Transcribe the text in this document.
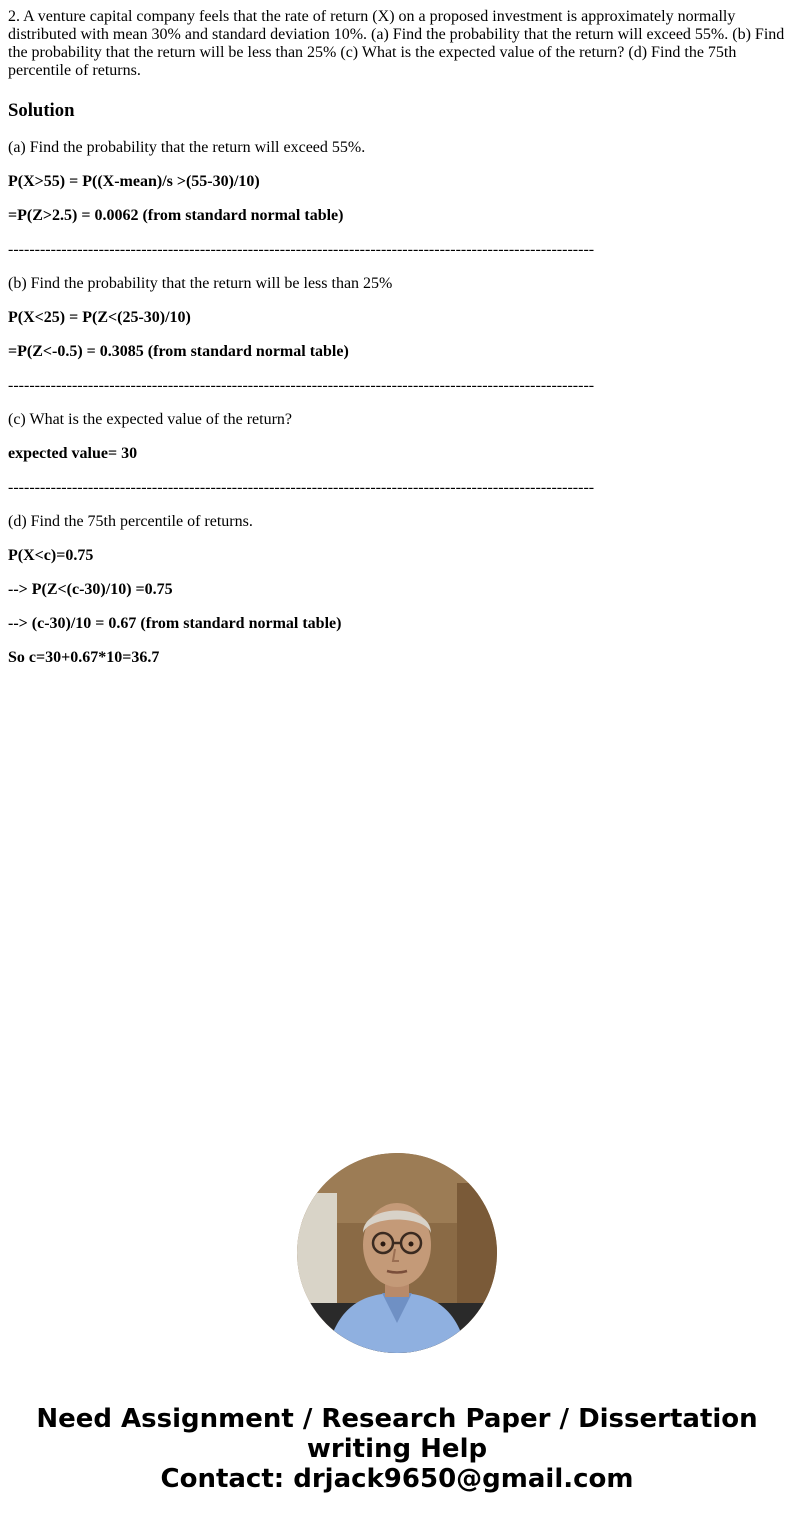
2. A venture capital company feels that the rate of return (X) on a proposed investment is approximately normally distributed with mean 30% and standard deviation 10%. (a) Find the probability that the return will exceed 55%. (b) Find the probability that the return will be less than 25% (c) What is the expected value of the return? (d) Find the 75th percentile of returns.

Solution

(a) Find the probability that the return will exceed 55%.

P(X>55) = P((X-mean)/s >(55-30)/10)

=P(Z>2.5) = 0.0062 (from standard normal table)

--------------------------------------------------------------------------------------------------------------

(b) Find the probability that the return will be less than 25%

P(X<25) = P(Z<(25-30)/10)

=P(Z<-0.5) = 0.3085 (from standard normal table)

--------------------------------------------------------------------------------------------------------------

(c) What is the expected value of the return?

expected value= 30

--------------------------------------------------------------------------------------------------------------

(d) Find the 75th percentile of returns.

P(X<c)=0.75

--> P(Z<(c-30)/10) =0.75

--> (c-30)/10 = 0.67 (from standard normal table)

So c=30+0.67*10=36.7

Need Assignment / Research Paper / Dissertation
writing Help
Contact: drjack9650@gmail.com
